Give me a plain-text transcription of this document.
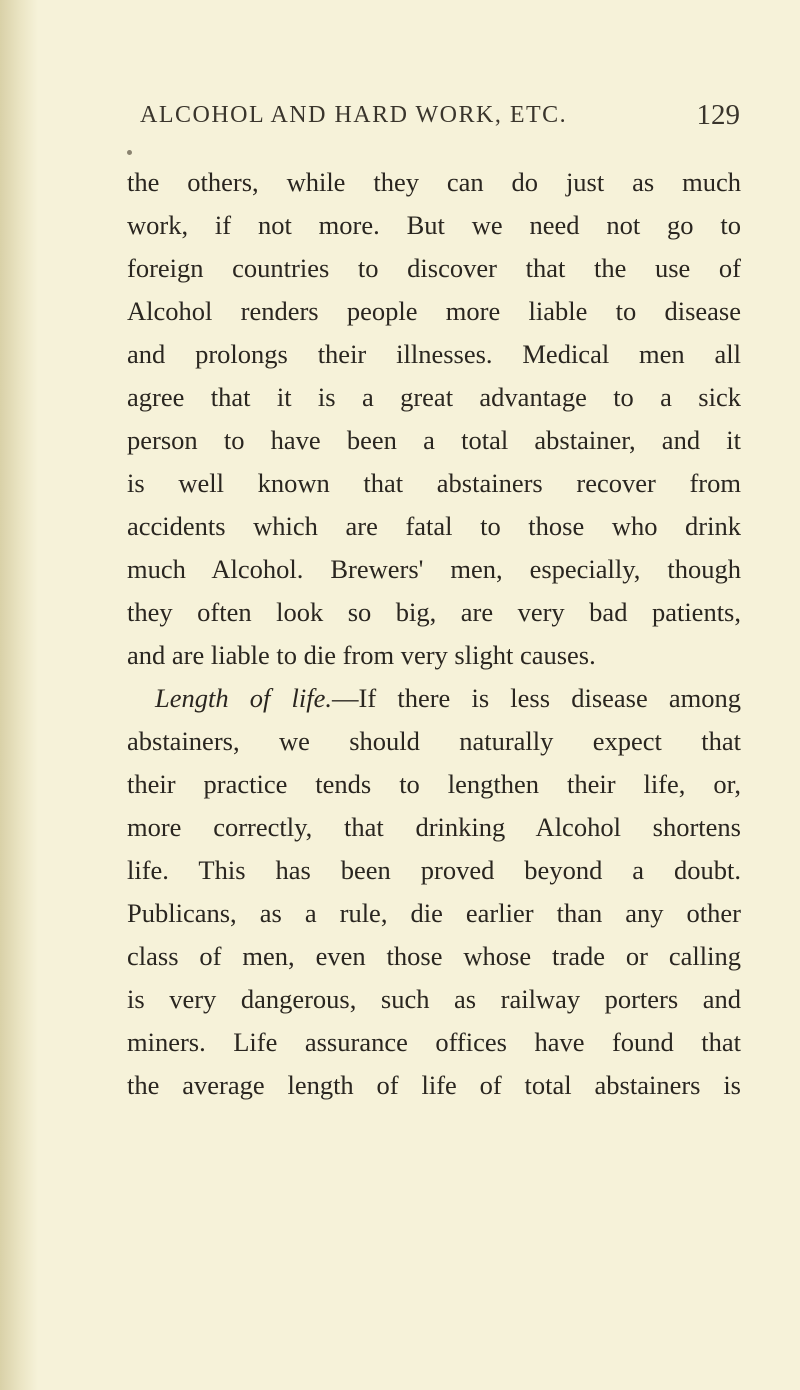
ALCOHOL AND HARD WORK, ETC.	129
the others, while they can do just as much
work, if not more. But we need not go to
foreign countries to discover that the use of
Alcohol renders people more liable to disease
and prolongs their illnesses. Medical men all
agree that it is a great advantage to a sick
person to have been a total abstainer, and it
is well known that abstainers recover from
accidents which are fatal to those who drink
much Alcohol. Brewers' men, especially, though
they often look so big, are very bad patients,
and are liable to die from very slight causes.
Length of life.—If there is less disease among
abstainers, we should naturally expect that
their practice tends to lengthen their life, or,
more correctly, that drinking Alcohol shortens
life. This has been proved beyond a doubt.
Publicans, as a rule, die earlier than any other
class of men, even those whose trade or calling
is very dangerous, such as railway porters and
miners. Life assurance offices have found that
the average length of life of total abstainers is
